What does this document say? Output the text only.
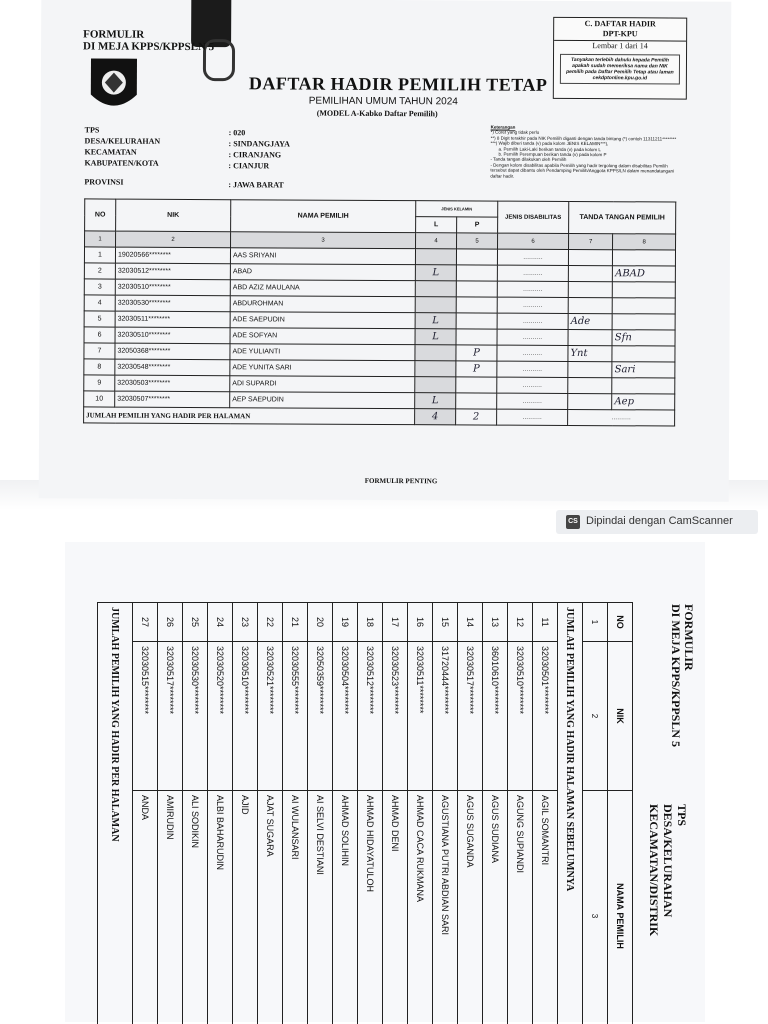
FORMULIR
DI MEJA KPPS/KPPSLN 5
DAFTAR HADIR PEMILIH TETAP
PEMILIHAN UMUM TAHUN 2024
(MODEL A-Kabko Daftar Pemilih)
C. DAFTAR HADIR
DPT-KPU
Lembar 1 dari 14
Tanyakan terlebih dahulu kepada Pemilih apakah sudah memeriksa nama dan NIK pemilih pada Daftar Pemilih Tetap atau laman cekdptonline.kpu.go.id
TPS
DESA/KELURAHAN
KECAMATAN
KABUPATEN/KOTA
PROVINSI
: 020
: SINDANGJAYA
: CIRANJANG
: CIANJUR
: JAWA BARAT
Keterangan
*) Coret yang tidak perlu
**) 8 Digit terakhir pada NIK Pemilih diganti dengan tanda bintang (*) contoh 11311211********
***) Wajib diberi tanda (v) pada kolom JENIS KELAMIN***),
a. Pemilih Laki-Laki berikan tanda (v) pada kolom L
b. Pemilih Perempuan berikan tanda (v) pada kolom P
- Tanda tangan dilakukan oleh Pemilih
- Dengan kolom disabilitas apabila Pemilih yang hadir tergolong dalam disabilitas Pemilih tersebut dapat dibantu oleh Pendamping Pemilih/Anggota KPPS/LN dalam menandatangani daftar hadir.
NO	NIK	NAMA PEMILIH	JENIS KELAMIN		JENIS DISABILITAS	TANDA TANGAN PEMILIH	
			L	P			
1	2	3	4	5	6	7	8
1	19020566********	AAS SRIYANI			..........		
2	32030512********	ABAD	L		..........		ABAD
3	32030510********	ABD AZIZ MAULANA			..........		
4	32030530********	ABDUROHMAN			..........		
5	32030511********	ADE SAEPUDIN	L		..........	Ade	
6	32030510********	ADE SOFYAN	L		..........		Sfn
7	32050368********	ADE YULIANTI		P	..........	Ynt	
8	32030548********	ADE YUNITA SARI		P	..........		Sari
9	32030503********	ADI SUPARDI			..........		
10	32030507********	AEP SAEPUDIN	L		..........		Aep
JUMLAH PEMILIH YANG HADIR PER HALAMAN			4	2	..........	..........	
FORMULIR PENTING
CS Dipindai dengan CamScanner
FORMULIR
DI MEJA KPPS/KPPSLN 5
TPS
DESA/KELURAHAN
KECAMATAN/DISTRIK
NO	NIK	NAMA PEMILIH
1	2	3
JUMLAH PEMILIH YANG HADIR HALAMAN SEBELUMNYA		
11	32030501********	AGIL SOMANTRI
12	32030510********	AGUNG SUPIANDI
13	36010610********	AGUS SUDIANA
14	32030517********	AGUS SUGANDA
15	31720444********	AGUSTIANA PUTRI ABDIAN SARI
16	32030511********	AHMAD CACA RUKMANA
17	32030523********	AHMAD DENI
18	32030512********	AHMAD HIDAYATULOH
19	32030504********	AHMAD SOLIHIN
20	32050359********	AI SELVI DESTIANI
21	32030555********	AI WULANSARI
22	32030521********	AJAT SUGARA
23	32030510********	AJID
24	32030520********	ALBI BAHARUDIN
25	32030530********	ALI SODIKIN
26	32030517********	AMIRUDIN
27	32030515********	ANDA
JUMLAH PEMILIH YANG HADIR PER HALAMAN		
